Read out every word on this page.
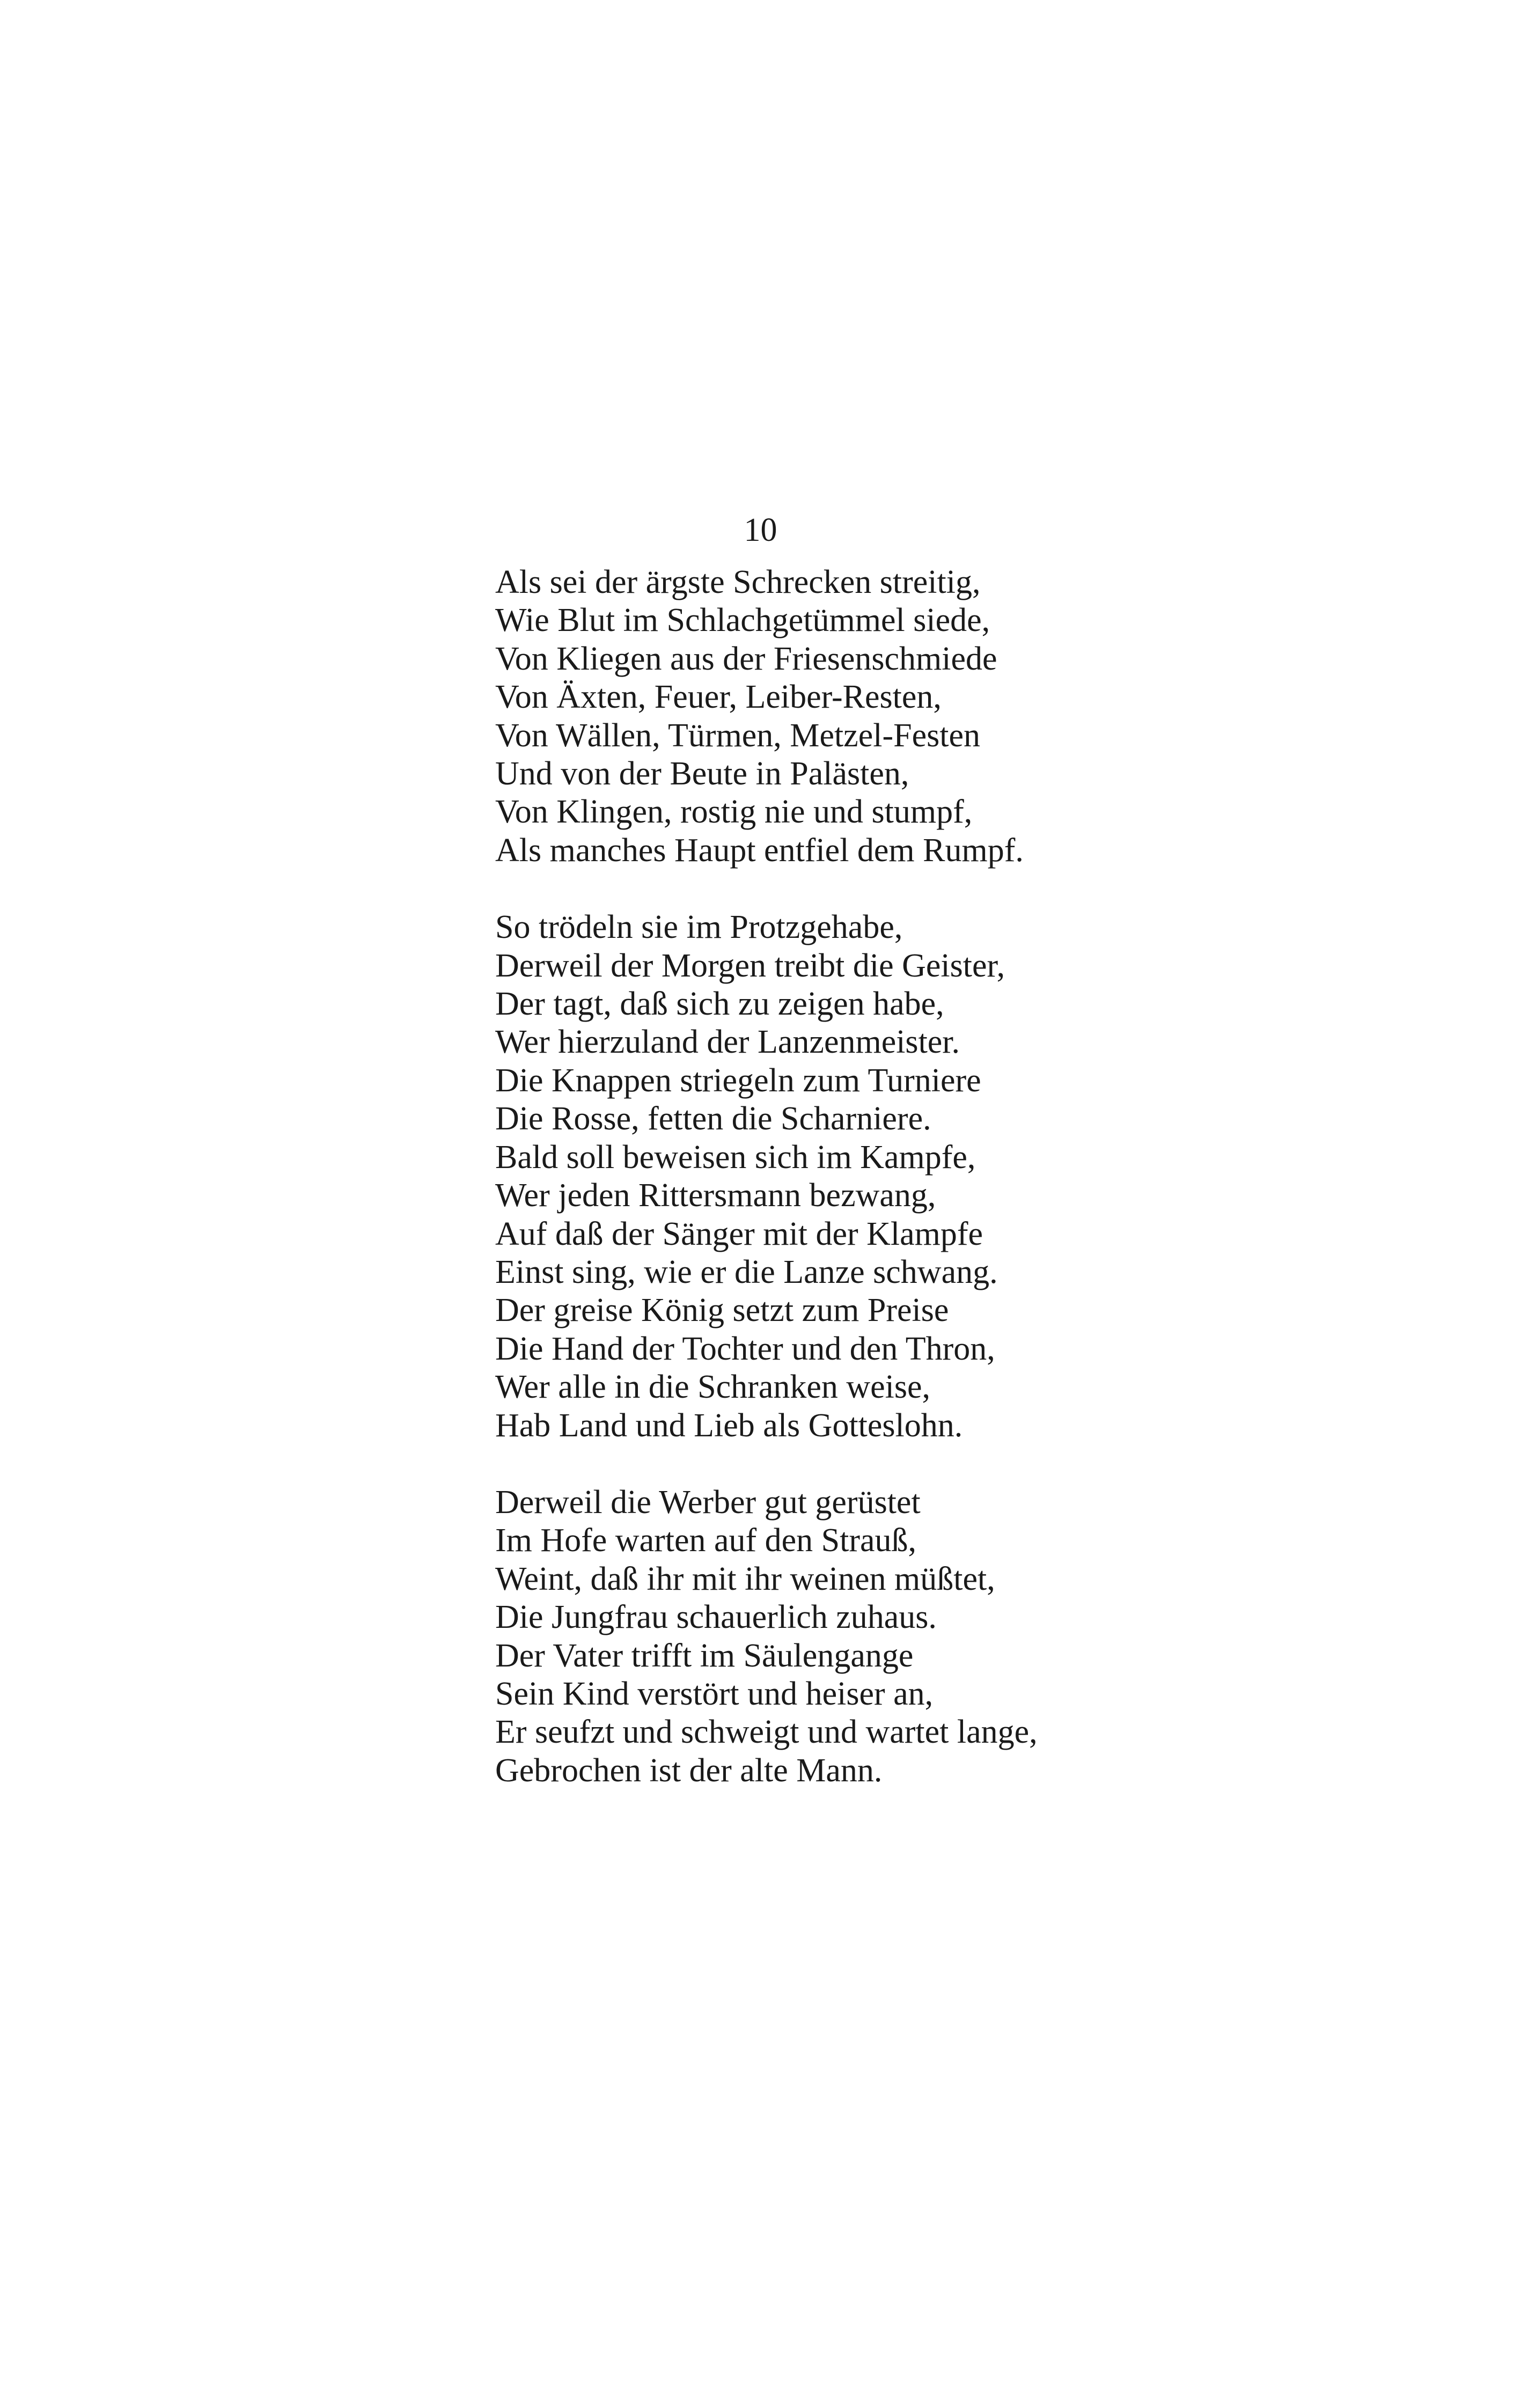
10
Als sei der ärgste Schrecken streitig,
Wie Blut im Schlachgetümmel siede,
Von Kliegen aus der Friesenschmiede
Von Äxten, Feuer, Leiber-Resten,
Von Wällen, Türmen, Metzel-Festen
Und von der Beute in Palästen,
Von Klingen, rostig nie und stumpf,
Als manches Haupt entfiel dem Rumpf.
So trödeln sie im Protzgehabe,
Derweil der Morgen treibt die Geister,
Der tagt, daß sich zu zeigen habe,
Wer hierzuland der Lanzenmeister.
Die Knappen striegeln zum Turniere
Die Rosse, fetten die Scharniere.
Bald soll beweisen sich im Kampfe,
Wer jeden Rittersmann bezwang,
Auf daß der Sänger mit der Klampfe
Einst sing, wie er die Lanze schwang.
Der greise König setzt zum Preise
Die Hand der Tochter und den Thron,
Wer alle in die Schranken weise,
Hab Land und Lieb als Gotteslohn.
Derweil die Werber gut gerüstet
Im Hofe warten auf den Strauß,
Weint, daß ihr mit ihr weinen müßtet,
Die Jungfrau schauerlich zuhaus.
Der Vater trifft im Säulengange
Sein Kind verstört und heiser an,
Er seufzt und schweigt und wartet lange,
Gebrochen ist der alte Mann.
